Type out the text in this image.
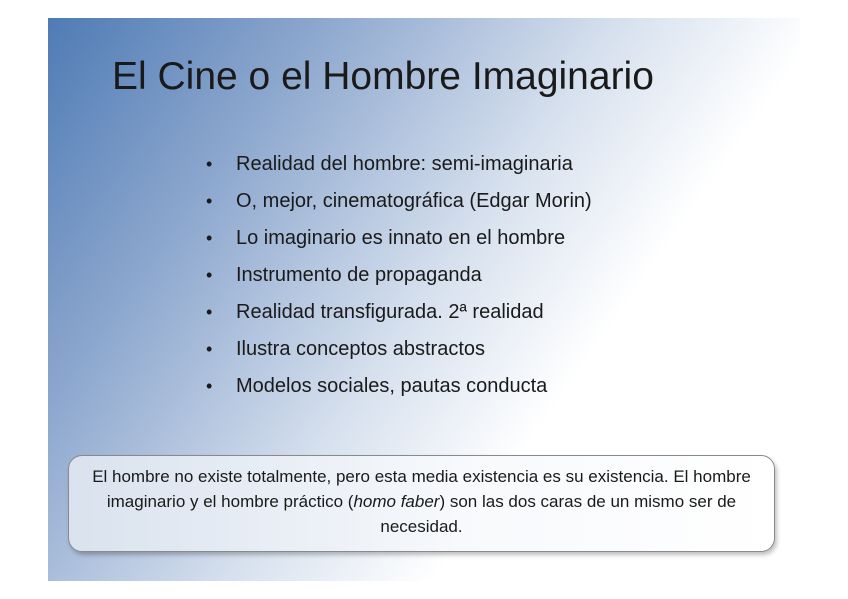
El Cine o el Hombre Imaginario
• Realidad del hombre: semi-imaginaria
• O, mejor, cinematográfica (Edgar Morin)
• Lo imaginario es innato en el hombre
• Instrumento de propaganda
• Realidad transfigurada. 2ª realidad
• Ilustra conceptos abstractos
• Modelos sociales, pautas conducta
El hombre no existe totalmente, pero esta media existencia es su existencia. El hombre imaginario y el hombre práctico (homo faber) son las dos caras de un mismo ser de necesidad.
